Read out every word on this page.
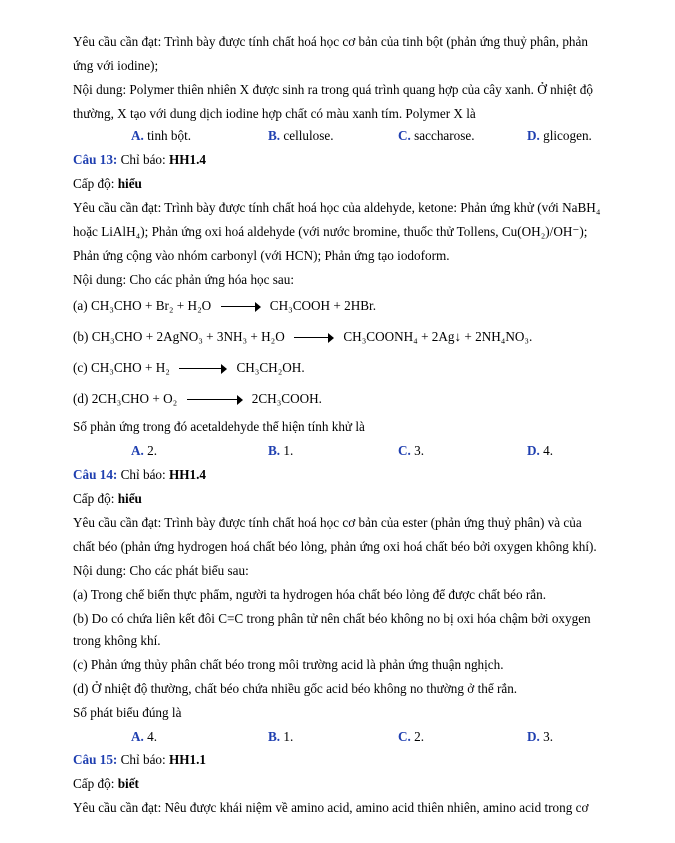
Yêu cầu cần đạt: Trình bày được tính chất hoá học cơ bản của tinh bột (phản ứng thuỷ phân, phản
ứng với iodine);
Nội dung: Polymer thiên nhiên X được sinh ra trong quá trình quang hợp của cây xanh. Ở nhiệt độ
thường, X tạo với dung dịch iodine hợp chất có màu xanh tím. Polymer X là
A. tinh bột.	B. cellulose.	C. saccharose.	D. glicogen.
Câu 13: Chỉ báo: HH1.4
Cấp độ: hiểu
Yêu cầu cần đạt: Trình bày được tính chất hoá học của aldehyde, ketone: Phản ứng khử (với NaBH₄
hoặc LiAlH₄); Phản ứng oxi hoá aldehyde (với nước bromine, thuốc thử Tollens, Cu(OH₂)/OH⁻);
Phản ứng cộng vào nhóm carbonyl (với HCN); Phản ứng tạo iodoform.
Nội dung: Cho các phản ứng hóa học sau:
(a) CH₃CHO + Br₂ + H₂O	CH₃COOH + 2HBr.
(b) CH₃CHO + 2AgNO₃ + 3NH₃ + H₂O	CH₃COONH₄ + 2Ag↓ + 2NH₄NO₃.
(c) CH₃CHO + H₂	CH₃CH₂OH.
(d) 2CH₃CHO + O₂	2CH₃COOH.
Số phản ứng trong đó acetaldehyde thể hiện tính khử là
A. 2.	B. 1.	C. 3.	D. 4.
Câu 14: Chỉ báo: HH1.4
Cấp độ: hiểu
Yêu cầu cần đạt: Trình bày được tính chất hoá học cơ bản của ester (phản ứng thuỷ phân) và của
chất béo (phản ứng hydrogen hoá chất béo lỏng, phản ứng oxi hoá chất béo bởi oxygen không khí).
Nội dung: Cho các phát biểu sau:
(a) Trong chế biến thực phẩm, người ta hydrogen hóa chất béo lỏng để được chất béo rắn.
(b) Do có chứa liên kết đôi C=C trong phân tử nên chất béo không no bị oxi hóa chậm bởi oxygen
trong không khí.
(c) Phản ứng thủy phân chất béo trong môi trường acid là phản ứng thuận nghịch.
(d) Ở nhiệt độ thường, chất béo chứa nhiều gốc acid béo không no thường ở thể rắn.
Số phát biểu đúng là
A. 4.	B. 1.	C. 2.	D. 3.
Câu 15: Chỉ báo: HH1.1
Cấp độ: biết
Yêu cầu cần đạt: Nêu được khái niệm về amino acid, amino acid thiên nhiên, amino acid trong cơ
